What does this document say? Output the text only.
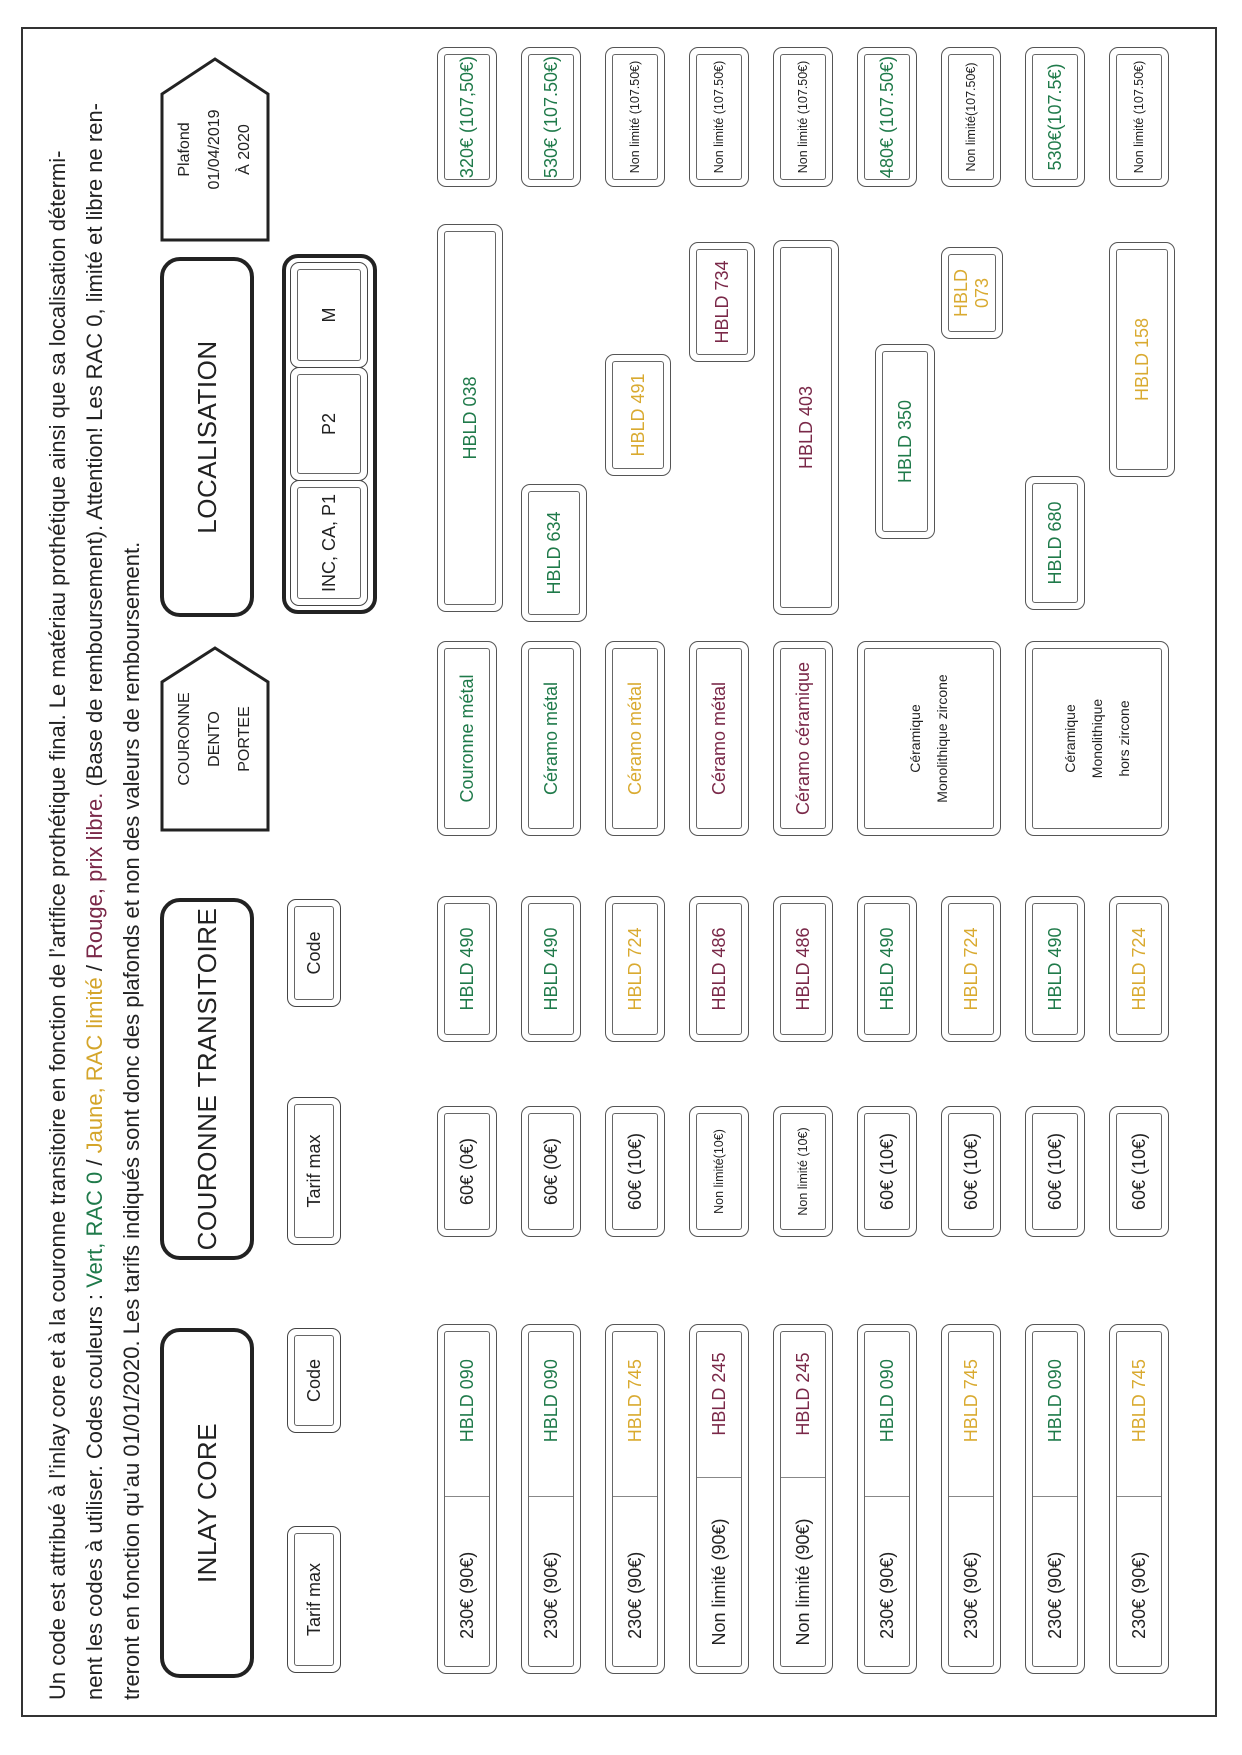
Un code est attribué à l’inlay core et à la couronne transitoire en fonction de l’artifice prothétique final. Le matériau prothétique ainsi que sa localisation détermi- nent les codes à utiliser. Codes couleurs : Vert, RAC 0 / Jaune, RAC limité / Rouge, prix libre. (Base de remboursement). Attention! Les RAC 0, limité et libre ne ren-
treront en fonction qu’au 01/01/2020. Les tarifs indiqués sont donc des plafonds et non des valeurs de remboursement. INLAY CORE
COURONNE TRANSITOIRE
COURONNE DENTO PORTEE
LOCALISATION
Plafond 01/04/2019 À 2020
Tarif max
Code
Tarif max
Code
INC, CA, P1
P2
M
230€ (90€)
HBLD 090
60€ (0€)
HBLD 490
Couronne métal
HBLD 038
320€ (107,50€)
230€ (90€)
HBLD 090
60€ (0€)
HBLD 490
Céramo métal
HBLD 634
530€ (107.50€)
230€ (90€)
HBLD 745
60€ (10€)
HBLD 724
Céramo métal
HBLD 491
Non limité (107.50€)
Non limité (90€)
HBLD 245
Non limité(10€)
HBLD 486
Céramo métal
HBLD 734
Non limité (107.50€)
Non limité (90€)
HBLD 245
Non limité (10€)
HBLD 486
Céramo céramique
HBLD 403
Non limité (107.50€)
230€ (90€)
HBLD 090
60€ (10€)
HBLD 490
Céramique Monolithique zircone
HBLD 350
480€ (107.50€)
230€ (90€)
HBLD 745
60€ (10€)
HBLD 724
HBLD 073
Non limité(107.50€)
230€ (90€)
HBLD 090
60€ (10€)
HBLD 490
Céramique Monolithique hors zircone
HBLD 680
530€(107.5€)
230€ (90€)
HBLD 745
60€ (10€)
HBLD 724
HBLD 158
Non limité (107.50€)
